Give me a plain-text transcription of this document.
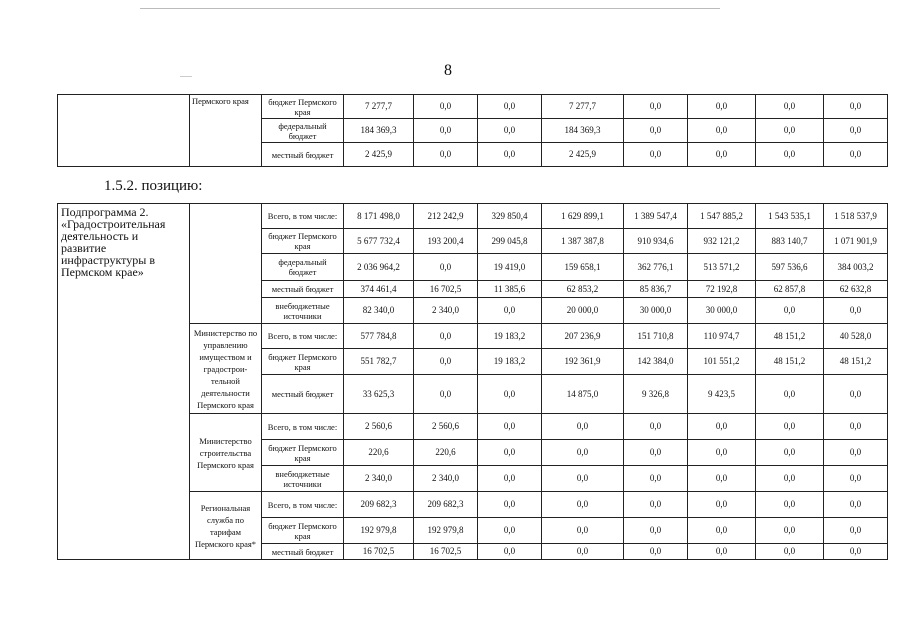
8
	Пермского края	бюджет Пермского края	7 277,7	0,0	0,0	7 277,7	0,0	0,0	0,0	0,0
		федеральный бюджет	184 369,3	0,0	0,0	184 369,3	0,0	0,0	0,0	0,0
		местный бюджет	2 425,9	0,0	0,0	2 425,9	0,0	0,0	0,0	0,0
1.5.2. позицию:
Подпрограмма 2. «Градостроительная деятельность и развитие инфраструктуры в Пермском крае»		Всего, в том числе:	8 171 498,0	212 242,9	329 850,4	1 629 899,1	1 389 547,4	1 547 885,2	1 543 535,1	1 518 537,9
		бюджет Пермского края	5 677 732,4	193 200,4	299 045,8	1 387 387,8	910 934,6	932 121,2	883 140,7	1 071 901,9
		федеральный бюджет	2 036 964,2	0,0	19 419,0	159 658,1	362 776,1	513 571,2	597 536,6	384 003,2
		местный бюджет	374 461,4	16 702,5	11 385,6	62 853,2	85 836,7	72 192,8	62 857,8	62 632,8
		внебюджетные источники	82 340,0	2 340,0	0,0	20 000,0	30 000,0	30 000,0	0,0	0,0
	Министерство по управлению имуществом и градострои- тельной деятельности Пермского края	Всего, в том числе:	577 784,8	0,0	19 183,2	207 236,9	151 710,8	110 974,7	48 151,2	40 528,0
		бюджет Пермского края	551 782,7	0,0	19 183,2	192 361,9	142 384,0	101 551,2	48 151,2	48 151,2
		местный бюджет	33 625,3	0,0	0,0	14 875,0	9 326,8	9 423,5	0,0	0,0
	Министерство строительства Пермского края	Всего, в том числе:	2 560,6	2 560,6	0,0	0,0	0,0	0,0	0,0	0,0
		бюджет Пермского края	220,6	220,6	0,0	0,0	0,0	0,0	0,0	0,0
		внебюджетные источники	2 340,0	2 340,0	0,0	0,0	0,0	0,0	0,0	0,0
	Региональная служба по тарифам Пермского края*	Всего, в том числе:	209 682,3	209 682,3	0,0	0,0	0,0	0,0	0,0	0,0
		бюджет Пермского края	192 979,8	192 979,8	0,0	0,0	0,0	0,0	0,0	0,0
		местный бюджет	16 702,5	16 702,5	0,0	0,0	0,0	0,0	0,0	0,0
